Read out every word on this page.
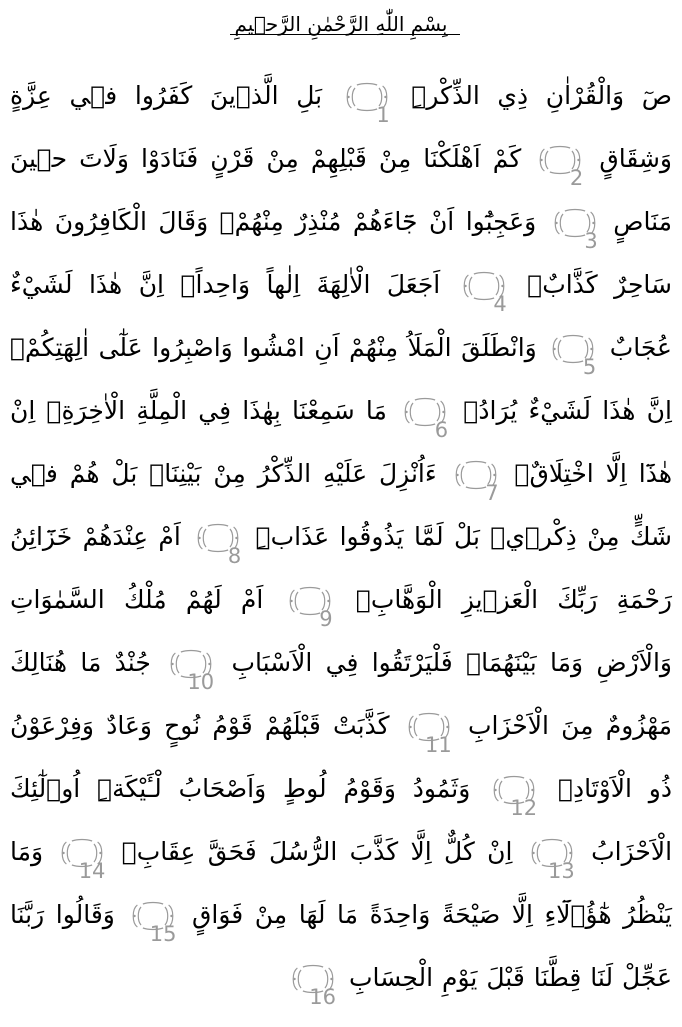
بِسْمِ اللّٰهِ الرَّحْمٰنِ الرَّح۪يمِ
صٓ وَالْقُرْاٰنِ ذِي الذِّكْرِۜ
1 بَلِ الَّذ۪ينَ كَفَرُوا ف۪ي عِزَّةٍ وَشِقَاقٍ
2 كَمْ اَهْلَكْنَا مِنْ قَبْلِهِمْ مِنْ قَرْنٍ فَنَادَوْا وَلَاتَ ح۪ينَ مَنَاصٍ
3 وَعَجِبُٓوا اَنْ جَٓاءَهُمْ مُنْذِرٌ مِنْهُمْۘ وَقَالَ الْكَافِرُونَ هٰذَا سَاحِرٌ كَذَّابٌۚ
4 اَجَعَلَ الْاٰلِهَةَ اِلٰهاً وَاحِداًۚ اِنَّ هٰذَا لَشَيْءٌ عُجَابٌ
5 وَانْطَلَقَ الْمَلَاُ مِنْهُمْ اَنِ امْشُوا وَاصْبِرُوا عَلٰٓى اٰلِهَتِكُمْۚ اِنَّ هٰذَا لَشَيْءٌ يُرَادُۚ
6 مَا سَمِعْنَا بِهٰذَا فِي الْمِلَّةِ الْاٰخِرَةِۚ اِنْ هٰذَٓا اِلَّا اخْتِلَاقٌۚ
7 ءَاُنْزِلَ عَلَيْهِ الذِّكْرُ مِنْ بَيْنِنَاۜ بَلْ هُمْ ف۪ي شَكٍّ مِنْ ذِكْر۪يۚ بَلْ لَمَّا يَذُوقُوا عَذَابِۜ
8 اَمْ عِنْدَهُمْ خَزَٓائِنُ رَحْمَةِ رَبِّكَ الْعَز۪يزِ الْوَهَّابِۚ
9 اَمْ لَهُمْ مُلْكُ السَّمٰوَاتِ وَالْاَرْضِ وَمَا بَيْنَهُمَا۠ فَلْيَرْتَقُوا فِي الْاَسْبَابِ
10 جُنْدٌ مَا هُنَالِكَ مَهْزُومٌ مِنَ الْاَحْزَابِ
11 كَذَّبَتْ قَبْلَهُمْ قَوْمُ نُوحٍ وَعَادٌ وَفِرْعَوْنُ ذُو الْاَوْتَادِۙ
12 وَثَمُودُ وَقَوْمُ لُوطٍ وَاَصْحَابُ لْـَٔيْكَةِۜ اُو۬لٰٓئِكَ الْاَحْزَابُ
13 اِنْ كُلٌّ اِلَّا كَذَّبَ الرُّسُلَ فَحَقَّ عِقَابِ۟
14 وَمَا يَنْظُرُ هٰٓؤُ۬لَٓاءِ اِلَّا صَيْحَةً وَاحِدَةً مَا لَهَا مِنْ فَوَاقٍ
15 وَقَالُوا رَبَّنَا عَجِّلْ لَنَا قِطَّنَا قَبْلَ يَوْمِ الْحِسَابِ
16
